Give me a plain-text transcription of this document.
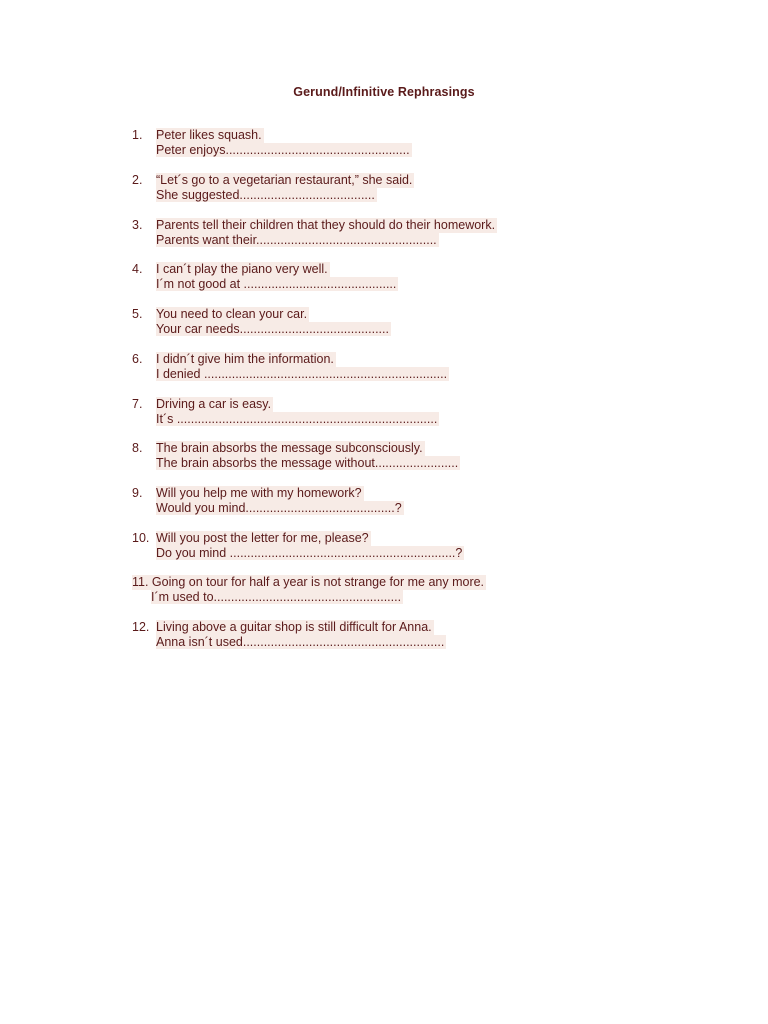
Gerund/Infinitive Rephrasings
1.	Peter likes squash.
Peter enjoys.....................................................
2.	“Let´s go to a vegetarian restaurant,” she said.
She suggested.......................................
3.	Parents tell their children that they should do their homework.
Parents want their....................................................
4.	I can´t play the piano very well.
I´m not good at ............................................
5.	You need to clean your car.
Your car needs...........................................
6.	I didn´t give him the information.
I denied ......................................................................
7.	Driving a car is easy.
It´s ...........................................................................
8.	The brain absorbs the message subconsciously.
The brain absorbs the message without........................
9.	Will you help me with my homework?
Would you mind...........................................?
10. Will you post the letter for me, please?
Do you mind .................................................................?
11. Going on tour for half a year is not strange for me any more.
I´m used to......................................................
12. Living above a guitar shop is still difficult for Anna.
Anna isn´t used..........................................................
